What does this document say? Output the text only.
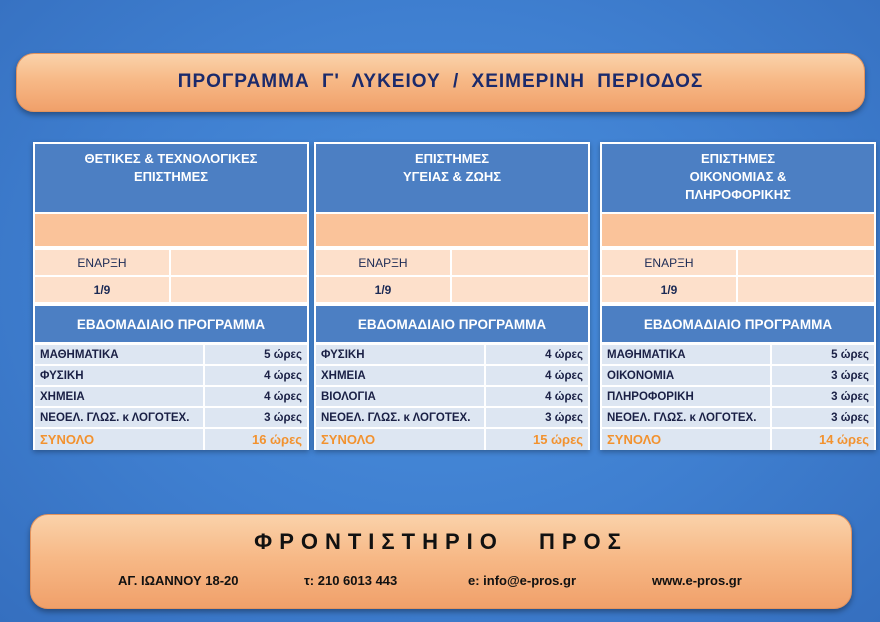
ΠΡΟΓΡΑΜΜΑ Γ' ΛΥΚΕΙΟΥ / ΧΕΙΜΕΡΙΝΗ ΠΕΡΙΟΔΟΣ
ΘΕΤΙΚΕΣ & ΤΕΧΝΟΛΟΓΙΚΕΣ
ΕΠΙΣΤΗΜΕΣ
ΕΝΑΡΞΗ
1/9
ΕΒΔΟΜΑΔΙΑΙΟ ΠΡΟΓΡΑΜΜΑ
ΜΑΘΗΜΑΤΙΚΑ	5 ώρες
ΦΥΣΙΚΗ	4 ώρες
ΧΗΜΕΙΑ	4 ώρες
ΝΕΟΕΛ. ΓΛΩΣ. κ ΛΟΓΟΤΕΧ.	3 ώρες
ΣΥΝΟΛΟ	16 ώρες
ΕΠΙΣΤΗΜΕΣ
ΥΓΕΙΑΣ & ΖΩΗΣ
ΕΝΑΡΞΗ
1/9
ΕΒΔΟΜΑΔΙΑΙΟ ΠΡΟΓΡΑΜΜΑ
ΦΥΣΙΚΗ	4 ώρες
ΧΗΜΕΙΑ	4 ώρες
ΒΙΟΛΟΓΙΑ	4 ώρες
ΝΕΟΕΛ. ΓΛΩΣ. κ ΛΟΓΟΤΕΧ.	3 ώρες
ΣΥΝΟΛΟ	15 ώρες
ΕΠΙΣΤΗΜΕΣ
ΟΙΚΟΝΟΜΙΑΣ &
ΠΛΗΡΟΦΟΡΙΚΗΣ
ΕΝΑΡΞΗ
1/9
ΕΒΔΟΜΑΔΙΑΙΟ ΠΡΟΓΡΑΜΜΑ
ΜΑΘΗΜΑΤΙΚΑ	5 ώρες
ΟΙΚΟΝΟΜΙΑ	3 ώρες
ΠΛΗΡΟΦΟΡΙΚΗ	3 ώρες
ΝΕΟΕΛ. ΓΛΩΣ. κ ΛΟΓΟΤΕΧ.	3 ώρες
ΣΥΝΟΛΟ	14 ώρες
ΦΡΟΝΤΙΣΤΗΡΙΟ ΠΡΟΣ
ΑΓ. ΙΩΑΝΝΟΥ 18-20	τ: 210 6013 443	e: info@e-pros.gr	www.e-pros.gr
